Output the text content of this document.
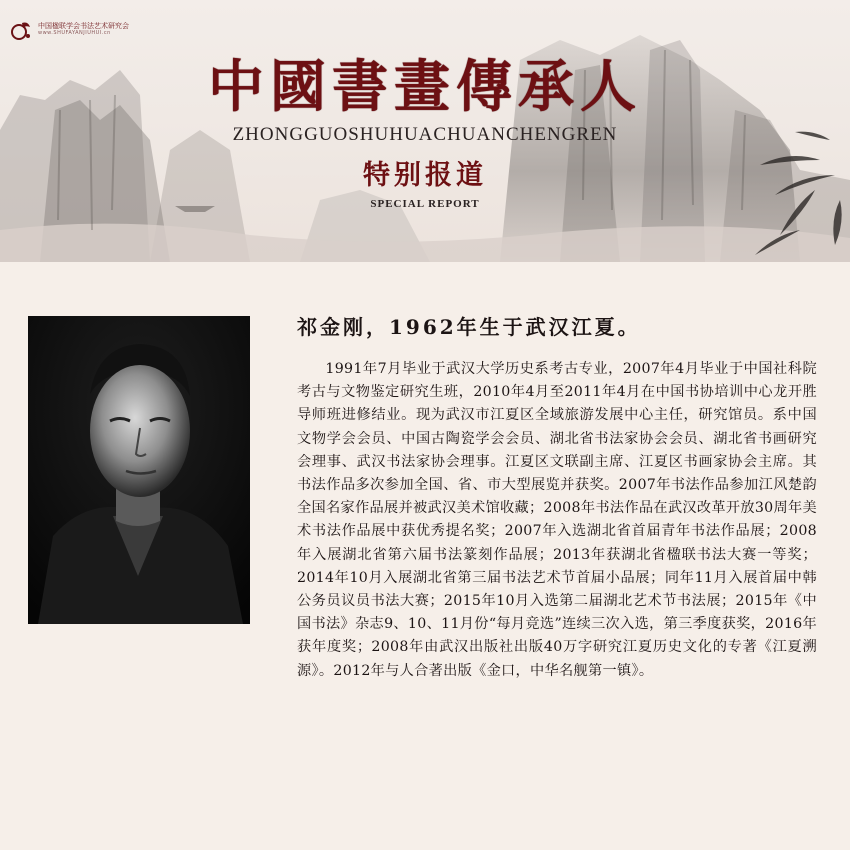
中国楹联学会书法艺术研究会
www.SHUFAYANJIUHUI.cn
中國書畫傳承人
ZHONGGUOSHUHUACHUANCHENGREN
特别报道
SPECIAL REPORT
祁金刚，1962年生于武汉江夏。

1991年7月毕业于武汉大学历史系考古专业，2007年4月毕业于中国社科院考古与文物鉴定研究生班，2010年4月至2011年4月在中国书协培训中心龙开胜导师班进修结业。现为武汉市江夏区全域旅游发展中心主任，研究馆员。系中国文物学会会员、中国古陶瓷学会会员、湖北省书法家协会会员、湖北省书画研究会理事、武汉书法家协会理事。江夏区文联副主席、江夏区书画家协会主席。其书法作品多次参加全国、省、市大型展览并获奖。2007年书法作品参加江风楚韵全国名家作品展并被武汉美术馆收藏；2008年书法作品在武汉改革开放30周年美术书法作品展中获优秀提名奖；2007年入选湖北省首届青年书法作品展；2008年入展湖北省第六届书法篆刻作品展；2013年获湖北省楹联书法大赛一等奖；2014年10月入展湖北省第三届书法艺术节首届小品展；同年11月入展首届中韩公务员议员书法大赛；2015年10月入选第二届湖北艺术节书法展；2015年《中国书法》杂志9、10、11月份“每月竞选”连续三次入选，第三季度获奖，2016年获年度奖；2008年由武汉出版社出版40万字研究江夏历史文化的专著《江夏溯源》。2012年与人合著出版《金口，中华名舰第一镇》。
